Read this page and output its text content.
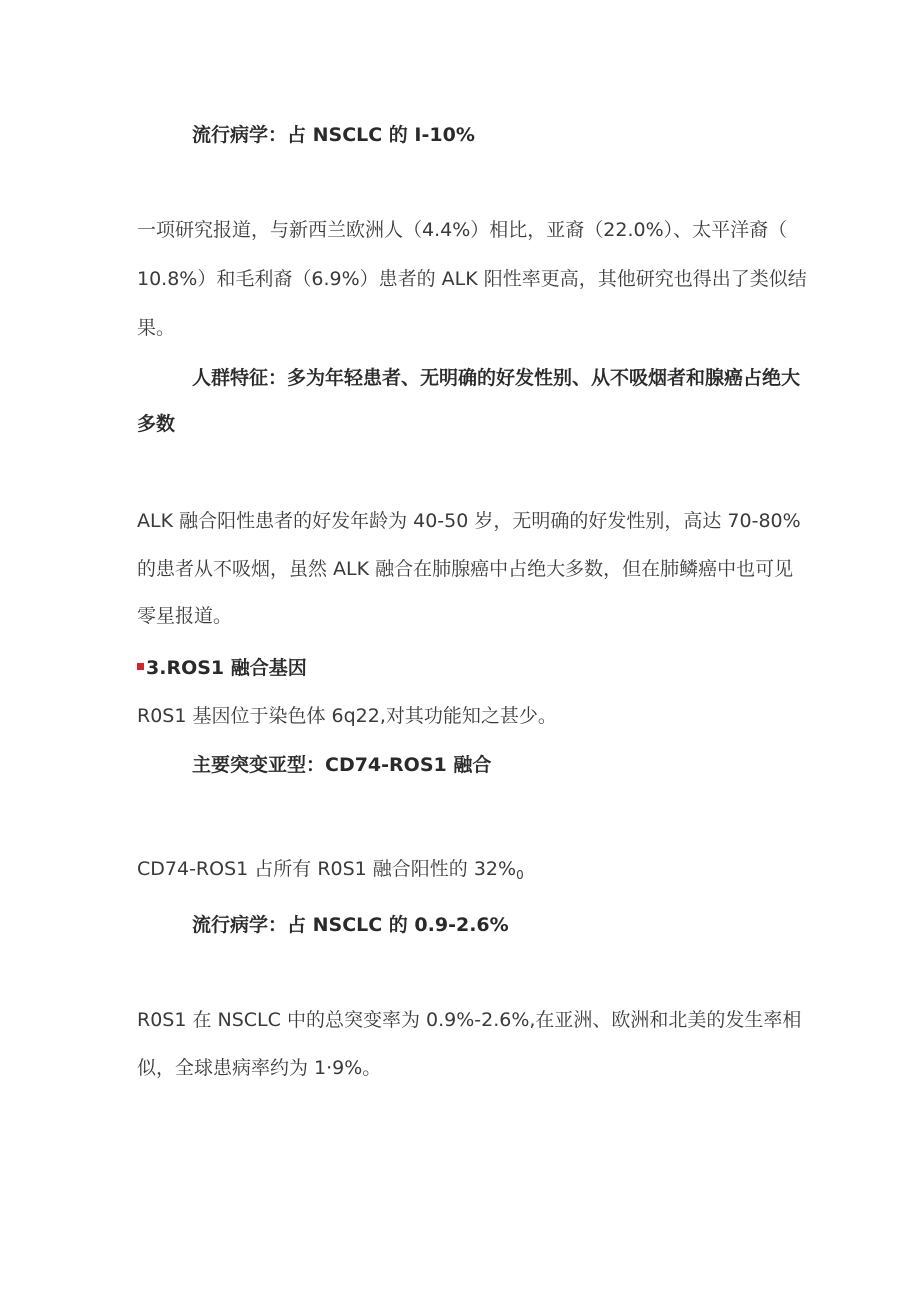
流行病学：占 NSCLC 的 I-10%
一项研究报道，与新西兰欧洲人（4.4%）相比，亚裔（22.0%）、太平洋裔（
10.8%）和毛利裔（6.9%）患者的 ALK 阳性率更高，其他研究也得出了类似结
果。
人群特征：多为年轻患者、无明确的好发性别、从不吸烟者和腺癌占绝大
多数
ALK 融合阳性患者的好发年龄为 40-50 岁，无明确的好发性别，高达 70-80%
的患者从不吸烟，虽然 ALK 融合在肺腺癌中占绝大多数，但在肺鳞癌中也可见
零星报道。
3.ROS1 融合基因
R0S1 基因位于染色体 6q22,对其功能知之甚少。
主要突变亚型：CD74-ROS1 融合
CD74-ROS1 占所有 R0S1 融合阳性的 $32\%_0$
流行病学：占 NSCLC 的 0.9-2.6%
R0S1 在 NSCLC 中的总突变率为 0.9%-2.6%,在亚洲、欧洲和北美的发生率相
似，全球患病率约为 1·9%。
